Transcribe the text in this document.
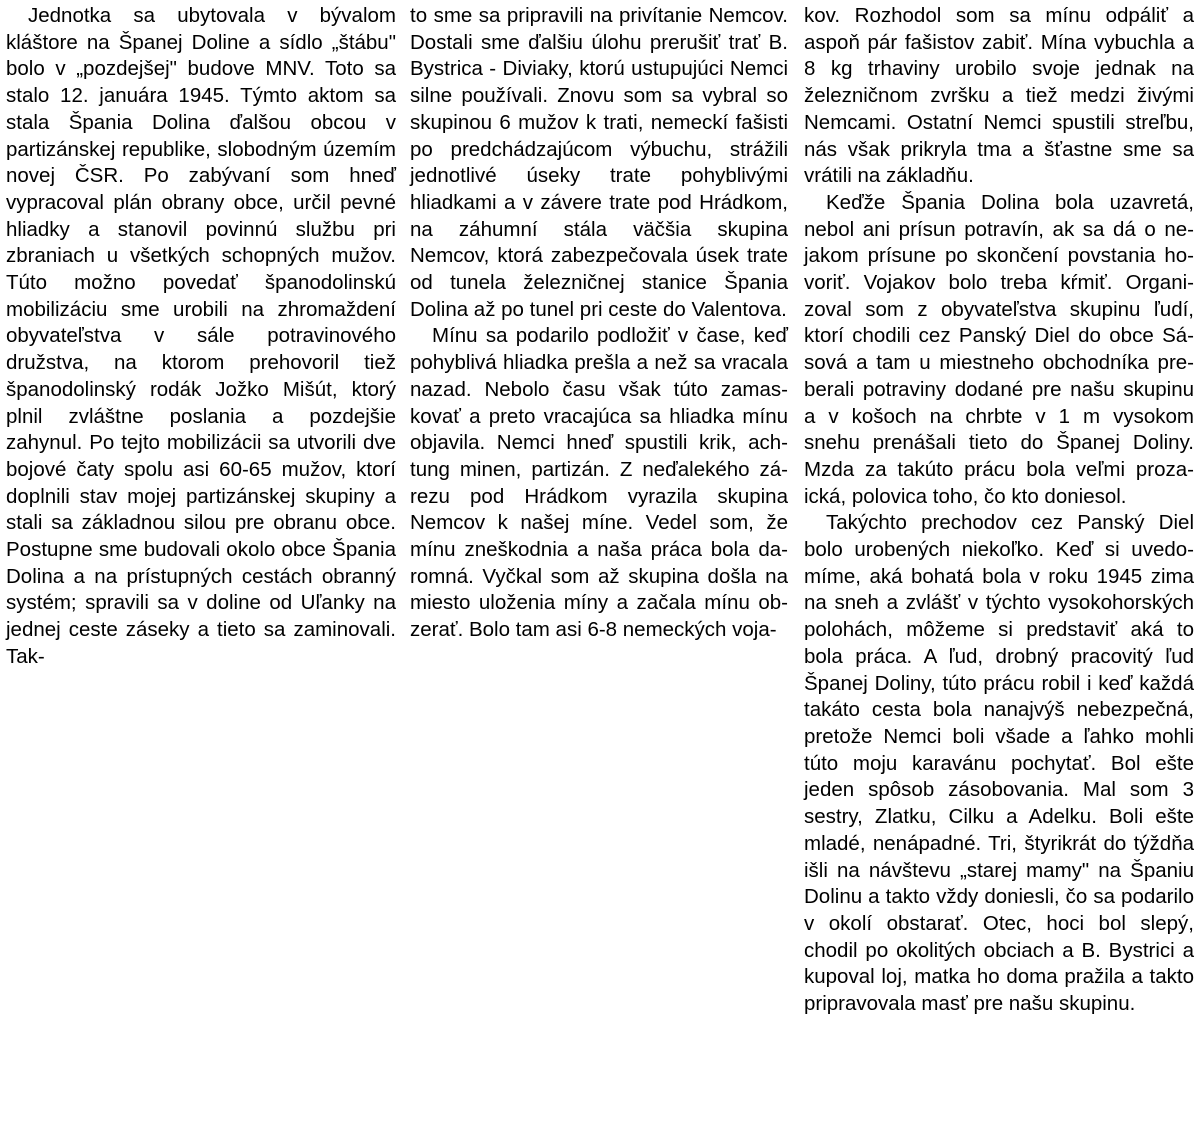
Jednotka sa ubytovala v bývalom kláštore na Španej Doline a sídlo „štábu" bolo v „pozdejšej" budove MNV. Toto sa stalo 12. januára 1945. Týmto aktom sa stala Špania Dolina ďalšou obcou v partizánskej republike, slobodným územím novej ČSR. Po zabývaní som hneď vypracoval plán obrany obce, určil pevné hliadky a stanovil povinnú službu pri zbraniach u všetkých schopných mužov. Túto možno povedať španodolinskú mobilizáciu sme urobili na zhromaždení obyvateľstva v sále potravinového družstva, na ktorom prehovoril tiež španodolinský rodák Jožko Mišút, ktorý plnil zvláštne poslania a pozdejšie zahynul. Po tejto mobilizácii sa utvorili dve bojové čaty spolu asi 60-65 mužov, ktorí doplnili stav mojej partizánskej skupiny a stali sa základnou silou pre obranu obce. Postupne sme budovali okolo obce Špania Dolina a na prístupných cestách obranný systém; spravili sa v doline od Uľanky na jednej ceste záseky a tieto sa zaminovali. Tak-

to sme sa pripravili na privítanie Nemcov. Dostali sme ďalšiu úlohu prerušiť trať B. Bystrica - Diviaky, ktorú ustupujúci Nemci silne používali. Znovu som sa vybral so skupinou 6 mužov k trati, nemeckí fašisti po predchádzajúcom výbuchu, strážili jednotlivé úseky trate pohyblivými hliadkami a v závere trate pod Hrádkom, na záhumní stála väčšia skupina Nemcov, ktorá zabezpečovala úsek trate od tunela železničnej stanice Špania Dolina až po tunel pri ceste do Valentova.

Mínu sa podarilo podložiť v čase, keď pohyblivá hliadka prešla a než sa vracala nazad. Nebolo času však túto zamaskovať a preto vracajúca sa hliadka mínu objavila. Nemci hneď spustili krik, achtung minen, partizán. Z neďalekého zárezu pod Hrádkom vyrazila skupina Nemcov k našej míne. Vedel som, že mínu zneškodnia a naša práca bola daromná. Vyčkal som až skupina došla na miesto uloženia míny a začala mínu obzerať. Bolo tam asi 6-8 nemeckých voja-

kov. Rozhodol som sa mínu odpáliť a aspoň pár fašistov zabiť. Mína vybuchla a 8 kg trhaviny urobilo svoje jednak na železničnom zvršku a tiež medzi živými Nemcami. Ostatní Nemci spustili streľbu, nás však prikryla tma a šťastne sme sa vrátili na základňu.

Keďže Špania Dolina bola uzavretá, nebol ani prísun potravín, ak sa dá o nejakom prísune po skončení povstania hovoriť. Vojakov bolo treba kŕmiť. Organizoval som z obyvateľstva skupinu ľudí, ktorí chodili cez Panský Diel do obce Sásová a tam u miestneho obchodníka preberali potraviny dodané pre našu skupinu a v košoch na chrbte v 1 m vysokom snehu prenášali tieto do Španej Doliny. Mzda za takúto prácu bola veľmi prozaická, polovica toho, čo kto doniesol.

Takýchto prechodov cez Panský Diel bolo urobených niekoľko. Keď si uvedomíme, aká bohatá bola v roku 1945 zima na sneh a zvlášť v týchto vysokohorských polohách, môžeme si predstaviť aká to bola práca. A ľud, drobný pracovitý ľud Španej Doliny, túto prácu robil i keď každá takáto cesta bola nanajvýš nebezpečná, pretože Nemci boli všade a ľahko mohli túto moju karavánu pochytať. Bol ešte jeden spôsob zásobovania. Mal som 3 sestry, Zlatku, Cilku a Adelku. Boli ešte mladé, nenápadné. Tri, štyrikrát do týždňa išli na návštevu „starej mamy" na Španiu Dolinu a takto vždy doniesli, čo sa podarilo v okolí obstarať. Otec, hoci bol slepý, chodil po okolitých obciach a B. Bystrici a kupoval loj, matka ho doma pražila a takto pripravovala masť pre našu skupinu.
